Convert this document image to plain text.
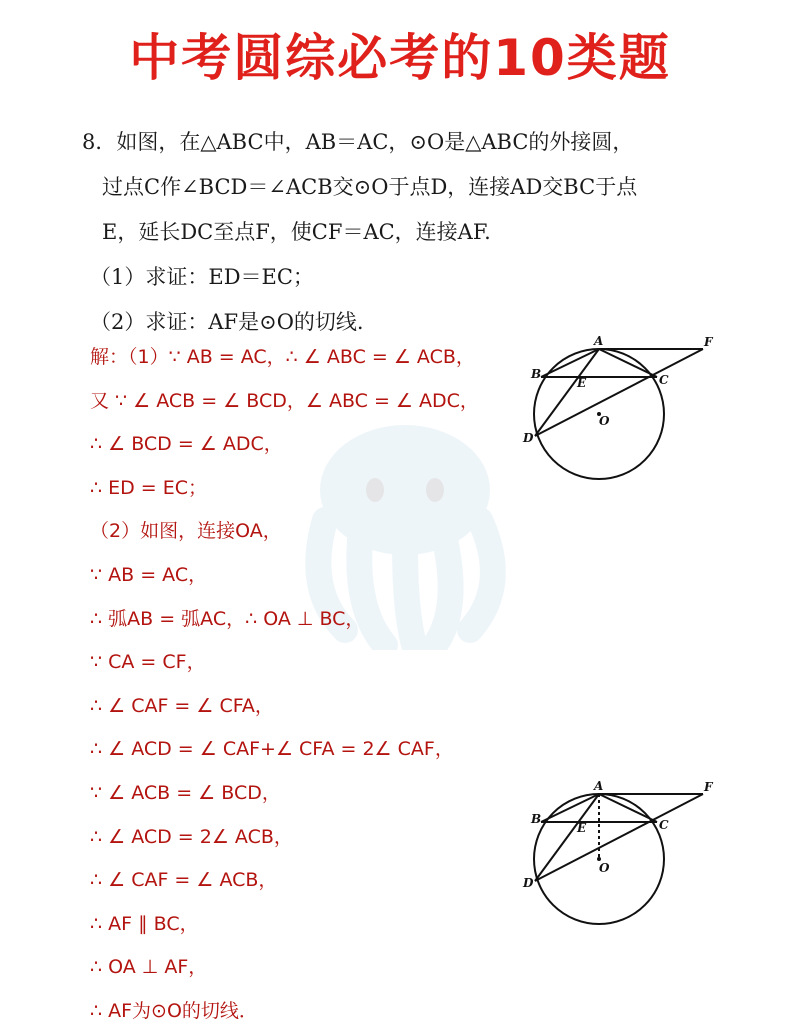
中考圆综必考的10类题
8．如图，在△ABC中，AB＝AC，⊙O是△ABC的外接圆，
过点C作∠BCD＝∠ACB交⊙O于点D，连接AD交BC于点
E，延长DC至点F，使CF＝AC，连接AF.
（1）求证：ED＝EC；
（2）求证：AF是⊙O的切线.
解：（1）∵ AB = AC，∴ ∠ ABC = ∠ ACB，
又 ∵ ∠ ACB = ∠ BCD，∠ ABC = ∠ ADC，
∴ ∠ BCD = ∠ ADC，
∴ ED = EC；
（2）如图，连接OA，
∵ AB = AC，
∴ 弧AB = 弧AC，∴ OA ⊥ BC，
∵ CA = CF，
∴ ∠ CAF = ∠ CFA，
∴ ∠ ACD = ∠ CAF+∠ CFA = 2∠ CAF，
∵ ∠ ACB = ∠ BCD，
∴ ∠ ACD = 2∠ ACB，
∴ ∠ CAF = ∠ ACB，
∴ AF ∥ BC，
∴ OA ⊥ AF，
∴ AF为⊙O的切线．
A
B	C
D
E
F
O
A
B	C
D
E
F
O
